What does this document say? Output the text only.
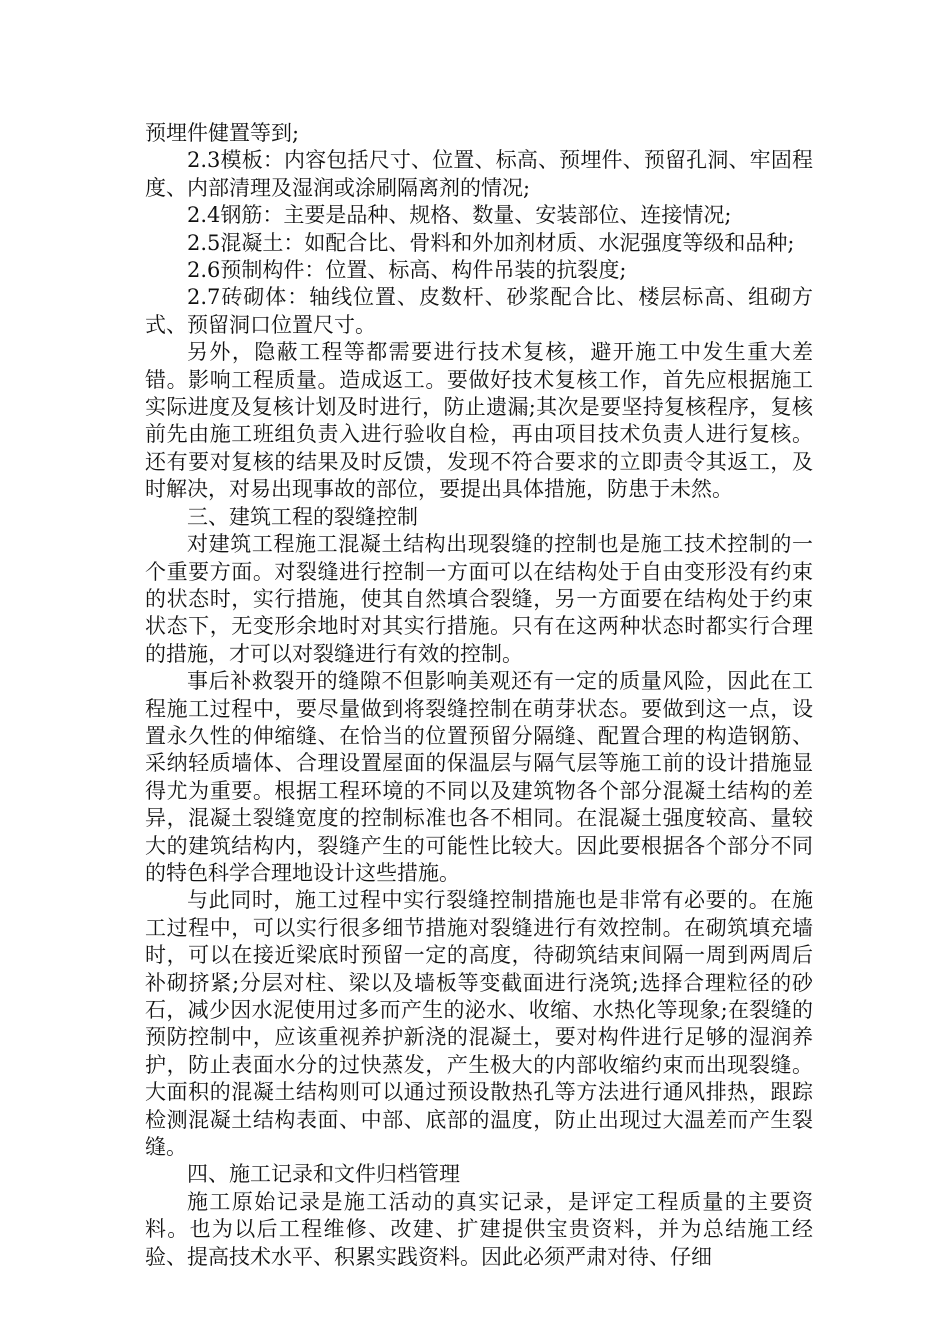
预埋件健置等到;

2.3模板：内容包括尺寸、位置、标高、预埋件、预留孔洞、牢固程度、内部清理及湿润或涂刷隔离剂的情况;

2.4钢筋：主要是品种、规格、数量、安装部位、连接情况;

2.5混凝土：如配合比、骨料和外加剂材质、水泥强度等级和品种;

2.6预制构件：位置、标高、构件吊装的抗裂度;

2.7砖砌体：轴线位置、皮数杆、砂浆配合比、楼层标高、组砌方式、预留洞口位置尺寸。

另外，隐蔽工程等都需要进行技术复核，避开施工中发生重大差错。影响工程质量。造成返工。要做好技术复核工作，首先应根据施工实际进度及复核计划及时进行，防止遗漏;其次是要坚持复核程序，复核前先由施工班组负责入进行验收自检，再由项目技术负责人进行复核。还有要对复核的结果及时反馈，发现不符合要求的立即责令其返工，及时解决，对易出现事故的部位，要提出具体措施，防患于未然。

三、建筑工程的裂缝控制

对建筑工程施工混凝土结构出现裂缝的控制也是施工技术控制的一个重要方面。对裂缝进行控制一方面可以在结构处于自由变形没有约束的状态时，实行措施，使其自然填合裂缝，另一方面要在结构处于约束状态下，无变形余地时对其实行措施。只有在这两种状态时都实行合理的措施，才可以对裂缝进行有效的控制。

事后补救裂开的缝隙不但影响美观还有一定的质量风险，因此在工程施工过程中，要尽量做到将裂缝控制在萌芽状态。要做到这一点，设置永久性的伸缩缝、在恰当的位置预留分隔缝、配置合理的构造钢筋、采纳轻质墙体、合理设置屋面的保温层与隔气层等施工前的设计措施显得尤为重要。根据工程环境的不同以及建筑物各个部分混凝土结构的差异，混凝土裂缝宽度的控制标准也各不相同。在混凝土强度较高、量较大的建筑结构内，裂缝产生的可能性比较大。因此要根据各个部分不同的特色科学合理地设计这些措施。

与此同时，施工过程中实行裂缝控制措施也是非常有必要的。在施工过程中，可以实行很多细节措施对裂缝进行有效控制。在砌筑填充墙时，可以在接近梁底时预留一定的高度，待砌筑结束间隔一周到两周后补砌挤紧;分层对柱、梁以及墙板等变截面进行浇筑;选择合理粒径的砂石，减少因水泥使用过多而产生的泌水、收缩、水热化等现象;在裂缝的预防控制中，应该重视养护新浇的混凝土，要对构件进行足够的湿润养护，防止表面水分的过快蒸发，产生极大的内部收缩约束而出现裂缝。大面积的混凝土结构则可以通过预设散热孔等方法进行通风排热，跟踪检测混凝土结构表面、中部、底部的温度，防止出现过大温差而产生裂缝。

四、施工记录和文件归档管理

施工原始记录是施工活动的真实记录，是评定工程质量的主要资料。也为以后工程维修、改建、扩建提供宝贵资料，并为总结施工经验、提高技术水平、积累实践资料。因此必须严肃对待、仔细
